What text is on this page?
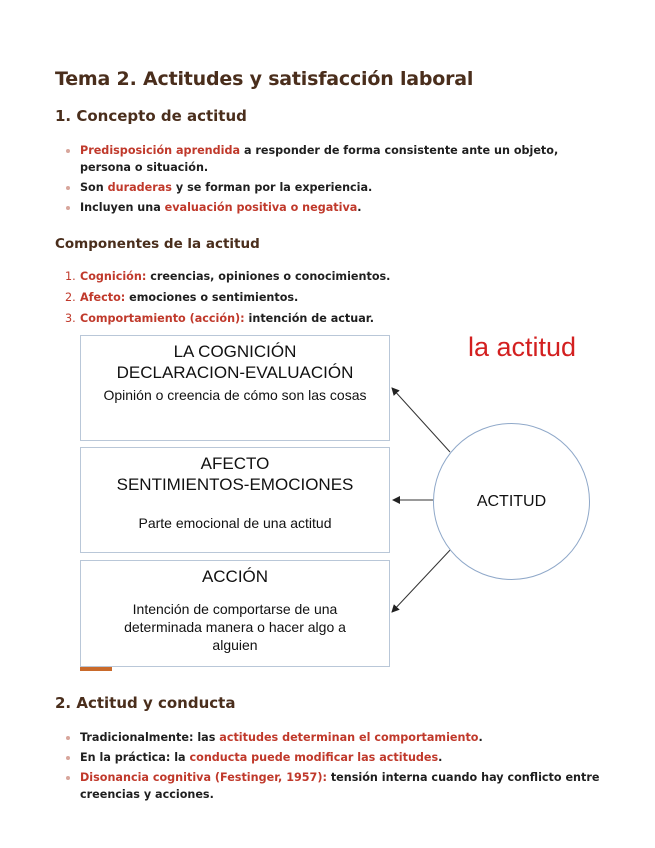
Tema 2. Actitudes y satisfacción laboral
1. Concepto de actitud
Predisposición aprendida a responder de forma consistente ante un objeto, persona o situación.
Son duraderas y se forman por la experiencia.
Incluyen una evaluación positiva o negativa.
Componentes de la actitud
1. Cognición: creencias, opiniones o conocimientos.
2. Afecto: emociones o sentimientos.
3. Comportamiento (acción): intención de actuar.
la actitud
LA COGNICIÓN
DECLARACION-EVALUACIÓN
Opinión o creencia de cómo son las cosas
AFECTO
SENTIMIENTOS-EMOCIONES
Parte emocional de una actitud
ACCIÓN
Intención de comportarse de una determinada manera o hacer algo a alguien
ACTITUD
2. Actitud y conducta
Tradicionalmente: las actitudes determinan el comportamiento.
En la práctica: la conducta puede modificar las actitudes.
Disonancia cognitiva (Festinger, 1957): tensión interna cuando hay conflicto entre creencias y acciones.
